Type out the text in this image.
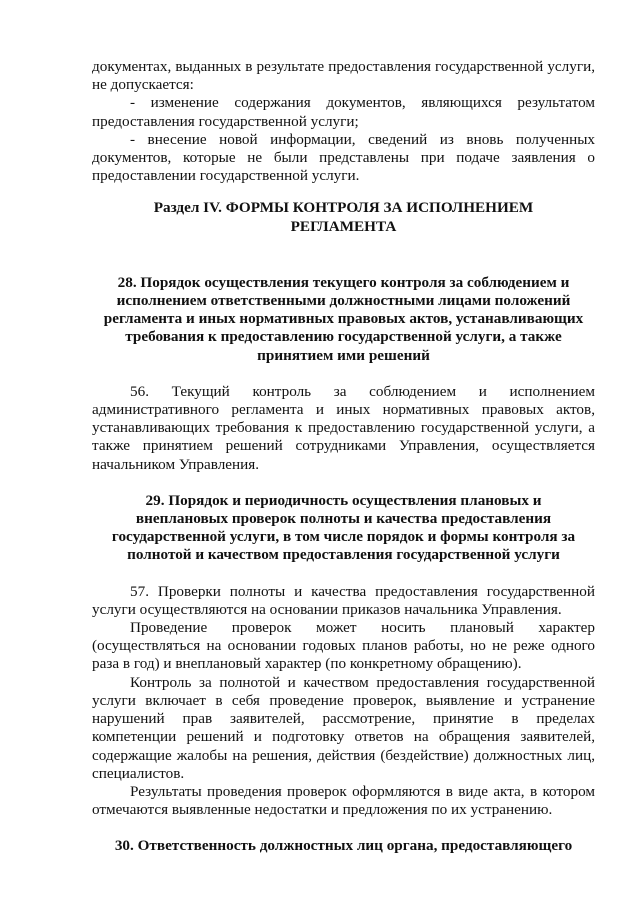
документах, выданных в результате предоставления государственной услуги, не допускается:

- изменение содержания документов, являющихся результатом предоставления государственной услуги;

- внесение новой информации, сведений из вновь полученных документов, которые не были представлены при подаче заявления о предоставлении государственной услуги.

Раздел IV. ФОРМЫ КОНТРОЛЯ ЗА ИСПОЛНЕНИЕМ РЕГЛАМЕНТА

28. Порядок осуществления текущего контроля за соблюдением и исполнением ответственными должностными лицами положений регламента и иных нормативных правовых актов, устанавливающих требования к предоставлению государственной услуги, а также принятием ими решений

56. Текущий контроль за соблюдением и исполнением административного регламента и иных нормативных правовых актов, устанавливающих требования к предоставлению государственной услуги, а также принятием решений сотрудниками Управления, осуществляется начальником Управления.

29. Порядок и периодичность осуществления плановых и внеплановых проверок полноты и качества предоставления государственной услуги, в том числе порядок и формы контроля за полнотой и качеством предоставления государственной услуги

57. Проверки полноты и качества предоставления государственной услуги осуществляются на основании приказов начальника Управления.

Проведение проверок может носить плановый характер (осуществляться на основании годовых планов работы, но не реже одного раза в год) и внеплановый характер (по конкретному обращению).

Контроль за полнотой и качеством предоставления государственной услуги включает в себя проведение проверок, выявление и устранение нарушений прав заявителей, рассмотрение, принятие в пределах компетенции решений и подготовку ответов на обращения заявителей, содержащие жалобы на решения, действия (бездействие) должностных лиц, специалистов.

Результаты проведения проверок оформляются в виде акта, в котором отмечаются выявленные недостатки и предложения по их устранению.

30. Ответственность должностных лиц органа, предоставляющего
